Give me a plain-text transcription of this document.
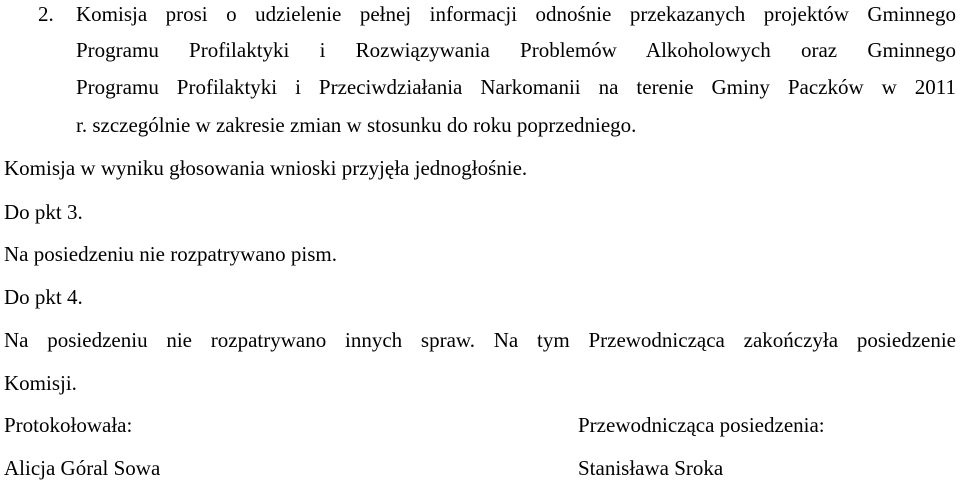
2. Komisja prosi o udzielenie pełnej informacji odnośnie przekazanych projektów Gminnego
Programu Profilaktyki i Rozwiązywania Problemów Alkoholowych oraz Gminnego
Programu Profilaktyki i Przeciwdziałania Narkomanii na terenie Gminy Paczków w 2011
r. szczególnie w zakresie zmian w stosunku do roku poprzedniego.
Komisja w wyniku głosowania wnioski przyjęła jednogłośnie.
Do pkt 3.
Na posiedzeniu nie rozpatrywano pism.
Do pkt 4.
Na posiedzeniu nie rozpatrywano innych spraw. Na tym Przewodnicząca zakończyła posiedzenie
Komisji.
Protokołowała:	Przewodnicząca posiedzenia:
Alicja Góral Sowa	Stanisława Sroka
